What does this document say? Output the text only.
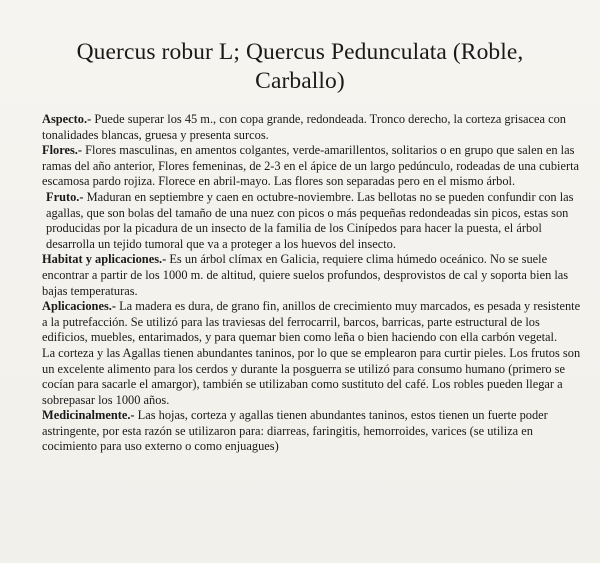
Quercus robur L; Quercus Pedunculata (Roble,
Carballo)

Aspecto.- Puede superar los 45 m., con copa grande, redondeada. Tronco derecho, la corteza grisacea con tonalidades blancas, gruesa y presenta surcos.

Flores.- Flores masculinas, en amentos colgantes, verde-amarillentos, solitarios o en grupo que salen en las ramas del año anterior, Flores femeninas, de 2-3 en el ápice de un largo pedúnculo, rodeadas de una cubierta escamosa pardo rojiza. Florece en abril-mayo. Las flores son separadas pero en el mismo árbol.

Fruto.- Maduran en septiembre y caen en octubre-noviembre. Las bellotas no se pueden confundir con las agallas, que son bolas del tamaño de una nuez con picos o más pequeñas redondeadas sin picos, estas son producidas por la picadura de un insecto de la familia de los Cinípedos para hacer la puesta, el árbol desarrolla un tejido tumoral que va a proteger a los huevos del insecto.

Habitat y aplicaciones.- Es un árbol clímax en Galicia, requiere clima húmedo oceánico. No se suele encontrar a partir de los 1000 m. de altitud, quiere suelos profundos, desprovistos de cal y soporta bien las bajas temperaturas.

Aplicaciones.- La madera es dura, de grano fin, anillos de crecimiento muy marcados, es pesada y resistente a la putrefacción. Se utilizó para las traviesas del ferrocarril, barcos, barricas, parte estructural de los edificios, muebles, entarimados, y para quemar bien como leña o bien haciendo con ella carbón vegetal.

La corteza y las Agallas tienen abundantes taninos, por lo que se emplearon para curtir pieles. Los frutos son un excelente alimento para los cerdos y durante la posguerra se utilizó para consumo humano (primero se cocían para sacarle el amargor), también se utilizaban como sustituto del café. Los robles pueden llegar a sobrepasar los 1000 años.

Medicinalmente.- Las hojas, corteza y agallas tienen abundantes taninos, estos tienen un fuerte poder astringente, por esta razón se utilizaron para: diarreas, faringitis, hemorroides, varices (se utiliza en cocimiento para uso externo o como enjuagues)
